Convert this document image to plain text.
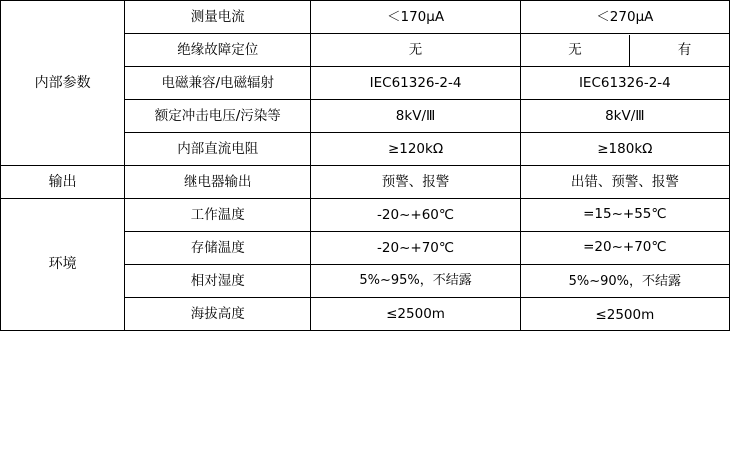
内部参数	测量电流	＜170μA	＜270μA
绝缘故障定位	无		无	有

电磁兼容/电磁辐射	IEC61326-2-4	IEC61326-2-4
额定冲击电压/污染等	8kV/Ⅲ	8kV/Ⅲ
内部直流电阻	≥120kΩ	≥180kΩ
输出	继电器输出	预警、报警	出错、预警、报警
环境	工作温度	-20~+60℃	=15~+55℃
存储温度	-20~+70℃	=20~+70℃
相对湿度	5%~95%，不结露	5%~90%，不结露
海拔高度	≤2500m	≤2500m
